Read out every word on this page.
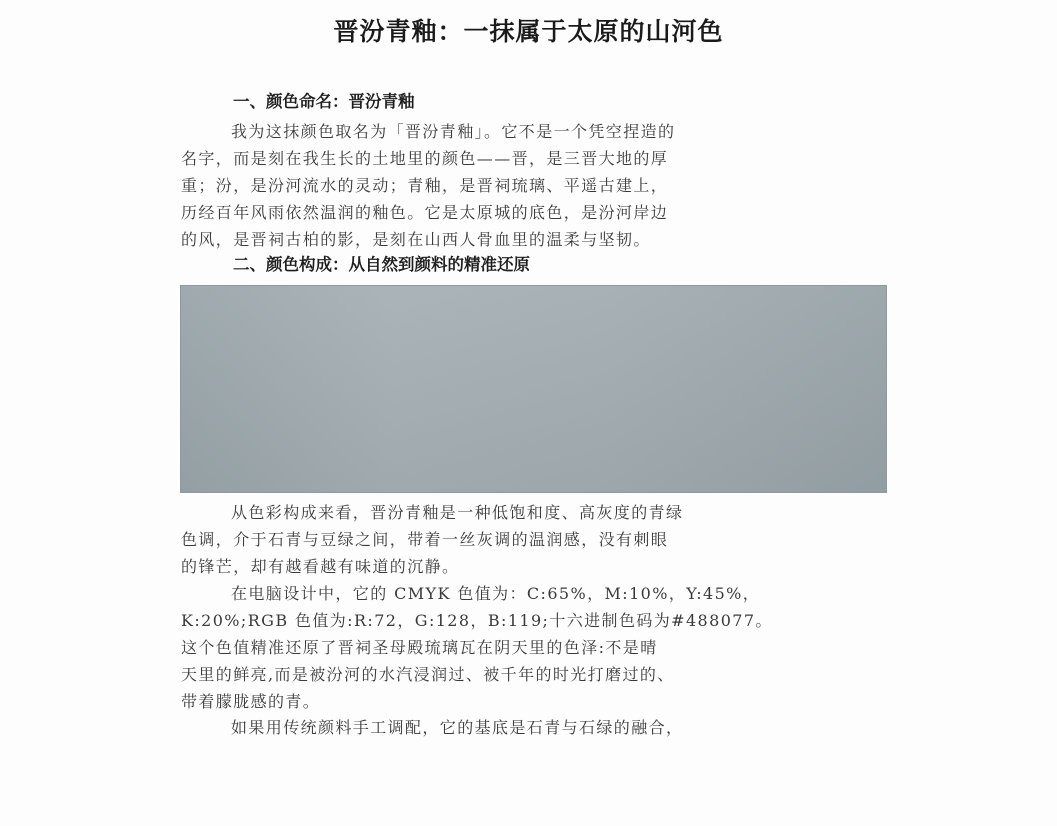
晋汾青釉：一抹属于太原的山河色
一、颜色命名：晋汾青釉
我为这抹颜色取名为「晋汾青釉」。它不是一个凭空捏造的
名字，而是刻在我生长的土地里的颜色——晋，是三晋大地的厚
重；汾，是汾河流水的灵动；青釉，是晋祠琉璃、平遥古建上，
历经百年风雨依然温润的釉色。它是太原城的底色，是汾河岸边
的风，是晋祠古柏的影，是刻在山西人骨血里的温柔与坚韧。
二、颜色构成：从自然到颜料的精准还原
从色彩构成来看，晋汾青釉是一种低饱和度、高灰度的青绿
色调，介于石青与豆绿之间，带着一丝灰调的温润感，没有刺眼
的锋芒，却有越看越有味道的沉静。
在电脑设计中，它的 CMYK 色值为：C:65%，M:10%，Y:45%，
K:20%;RGB 色值为:R:72，G:128，B:119;十六进制色码为#488077。
这个色值精准还原了晋祠圣母殿琉璃瓦在阴天里的色泽:不是晴
天里的鲜亮,而是被汾河的水汽浸润过、被千年的时光打磨过的、
带着朦胧感的青。
如果用传统颜料手工调配，它的基底是石青与石绿的融合，
